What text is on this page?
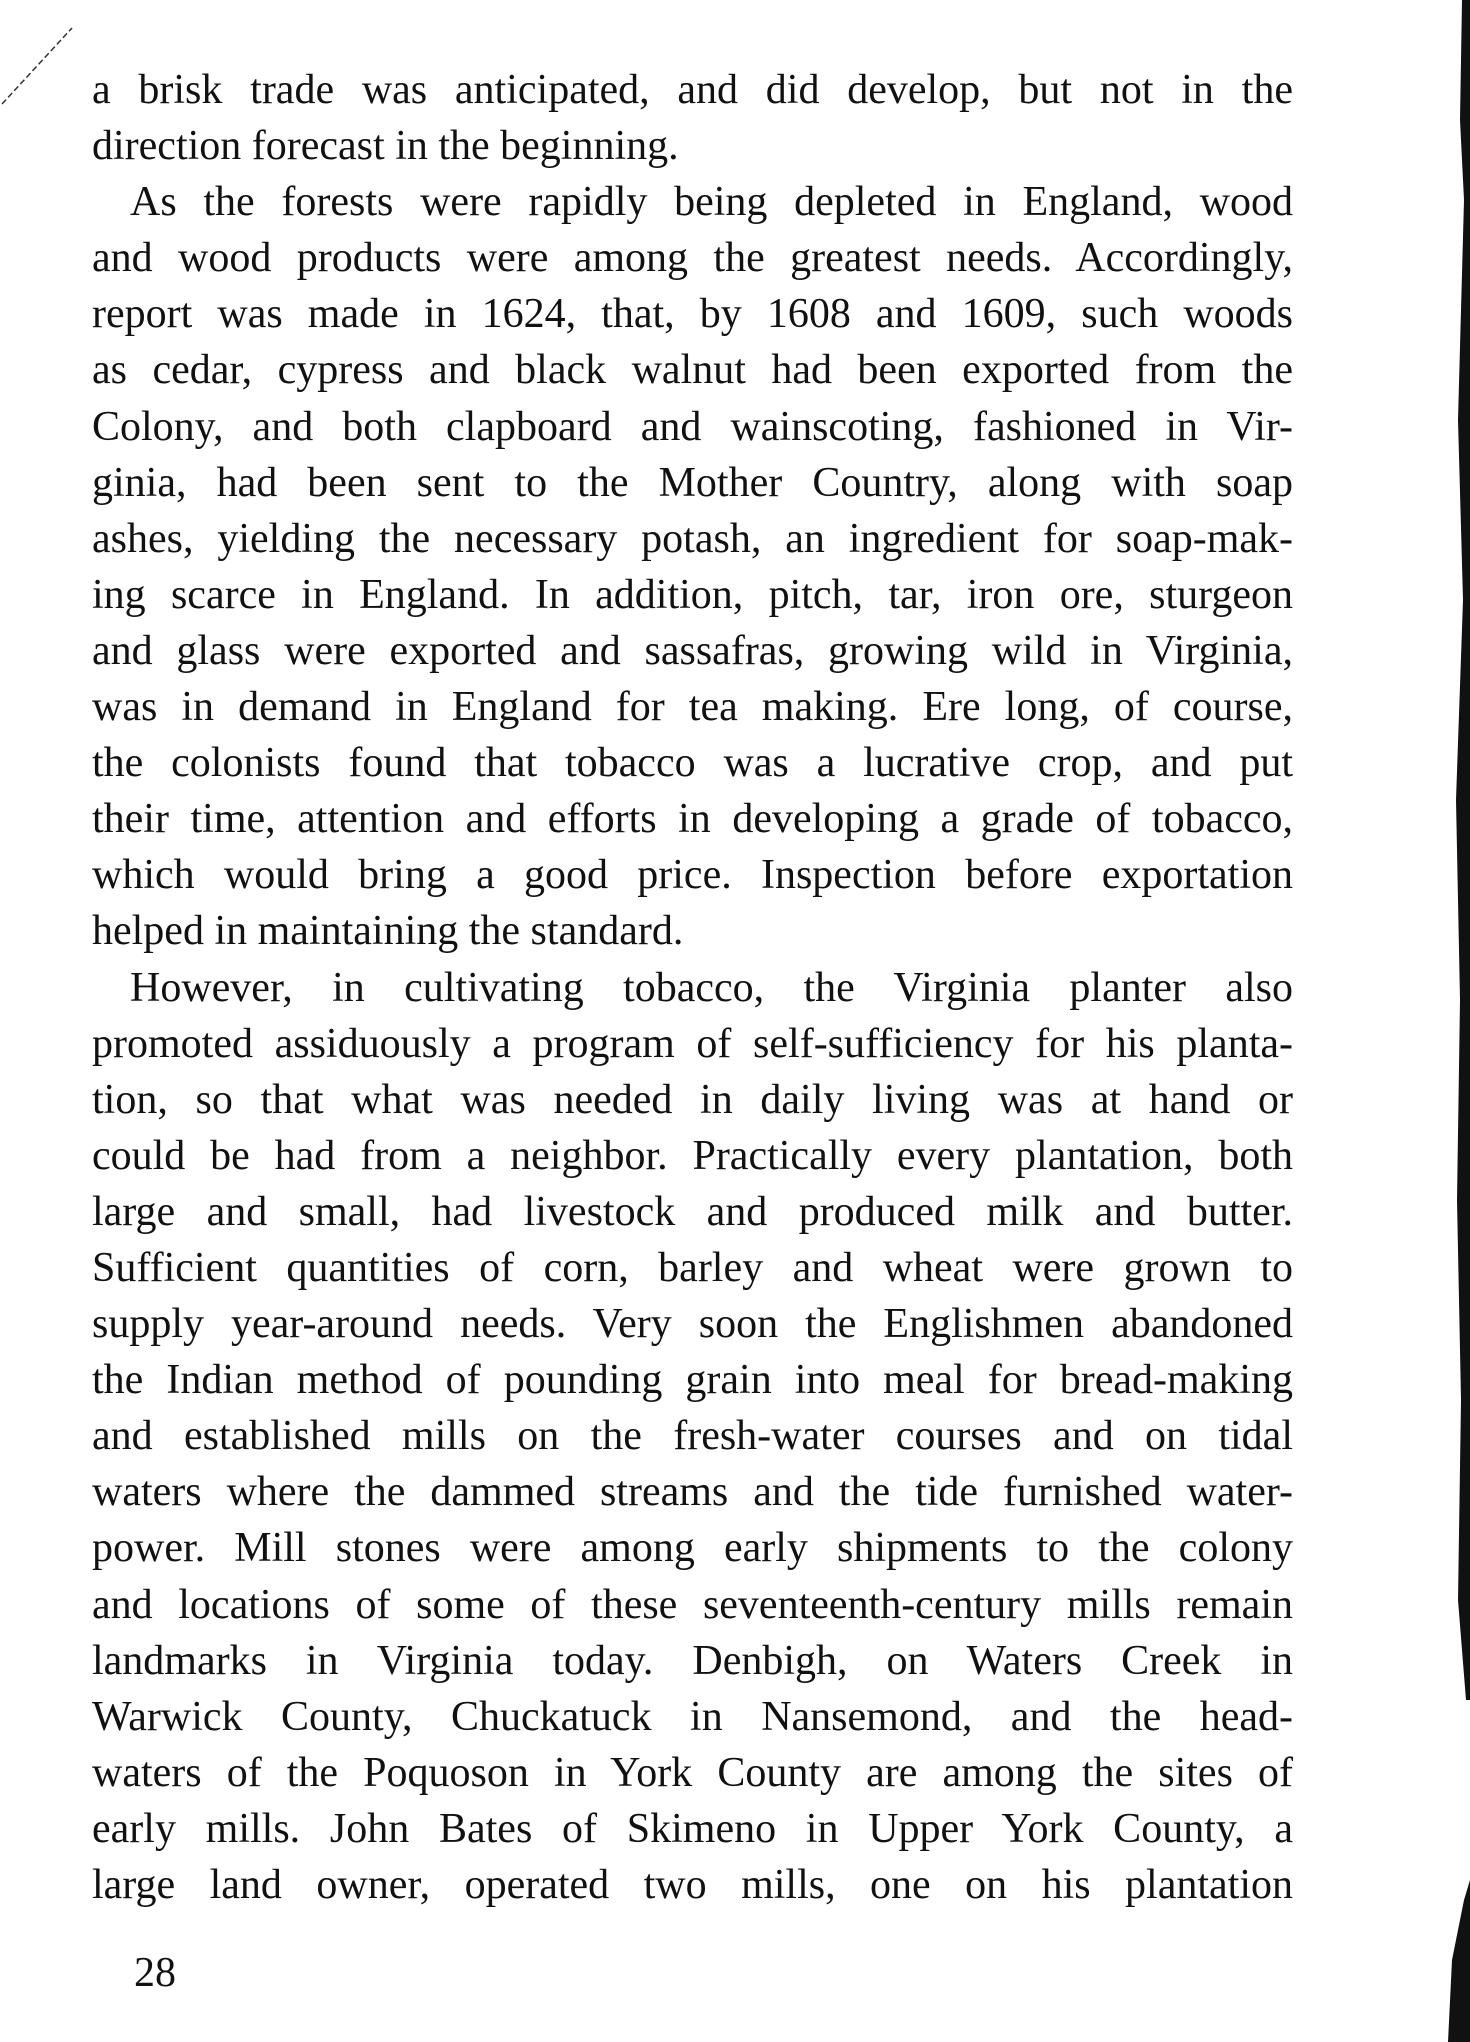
a brisk trade was anticipated, and did develop, but not in the
direction forecast in the beginning.
As the forests were rapidly being depleted in England, wood
and wood products were among the greatest needs. Accordingly,
report was made in 1624, that, by 1608 and 1609, such woods
as cedar, cypress and black walnut had been exported from the
Colony, and both clapboard and wainscoting, fashioned in Vir-
ginia, had been sent to the Mother Country, along with soap
ashes, yielding the necessary potash, an ingredient for soap-mak-
ing scarce in England. In addition, pitch, tar, iron ore, sturgeon
and glass were exported and sassafras, growing wild in Virginia,
was in demand in England for tea making. Ere long, of course,
the colonists found that tobacco was a lucrative crop, and put
their time, attention and efforts in developing a grade of tobacco,
which would bring a good price. Inspection before exportation
helped in maintaining the standard.
However, in cultivating tobacco, the Virginia planter also
promoted assiduously a program of self-sufficiency for his planta-
tion, so that what was needed in daily living was at hand or
could be had from a neighbor. Practically every plantation, both
large and small, had livestock and produced milk and butter.
Sufficient quantities of corn, barley and wheat were grown to
supply year-around needs. Very soon the Englishmen abandoned
the Indian method of pounding grain into meal for bread-making
and established mills on the fresh-water courses and on tidal
waters where the dammed streams and the tide furnished water-
power. Mill stones were among early shipments to the colony
and locations of some of these seventeenth-century mills remain
landmarks in Virginia today. Denbigh, on Waters Creek in
Warwick County, Chuckatuck in Nansemond, and the head-
waters of the Poquoson in York County are among the sites of
early mills. John Bates of Skimeno in Upper York County, a
large land owner, operated two mills, one on his plantation
28
